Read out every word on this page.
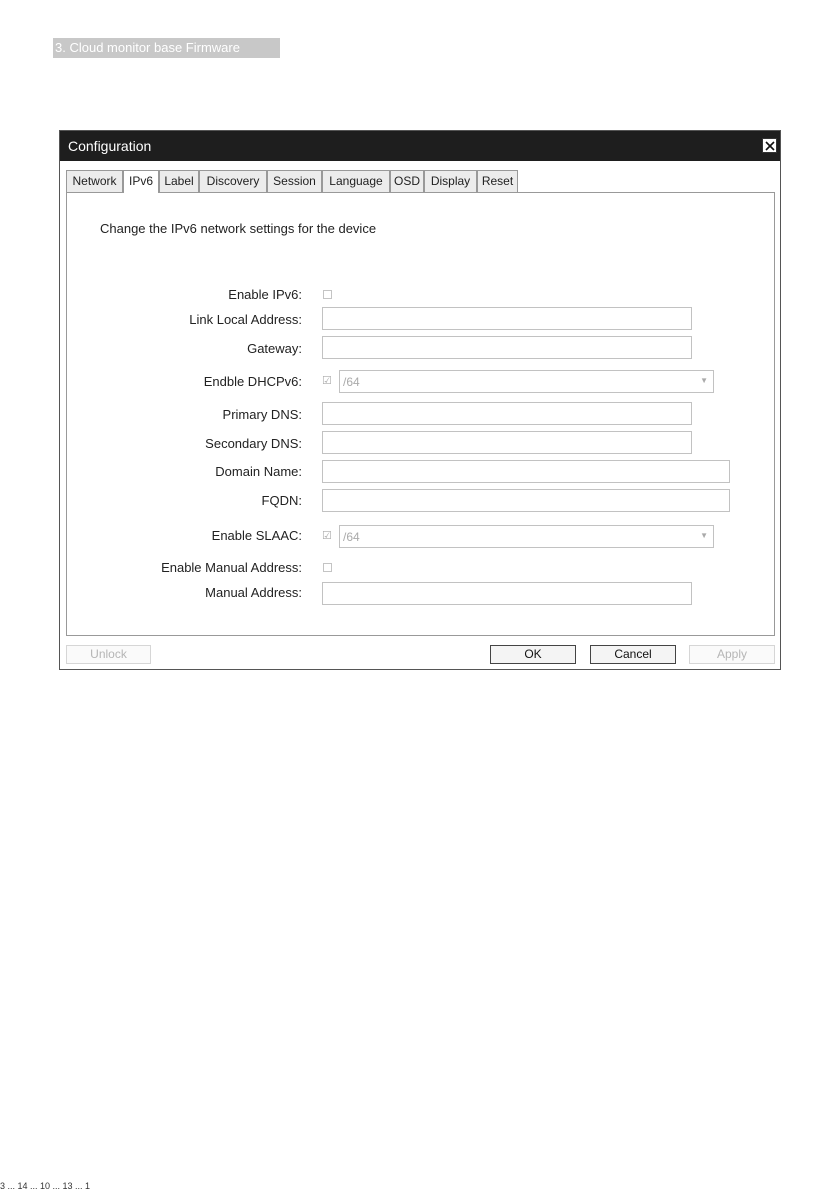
3. Cloud monitor base Firmware
Configuration
Network	IPv6 Label	Discovery	Session	Language OSD Display Reset
Change the IPv6 network settings for the device
Enable IPv6:
Link Local Address:
Gateway:
Endble DHCPv6: ☑ /64	▼
Primary DNS:
Secondary DNS:
Domain Name:
FQDN:
Enable SLAAC: ☑ /64	▼
Enable Manual Address:
Manual Address:
Unlock	OK	Cancel	Apply
3 ... 14 ... 10 ... 13 ... 1
